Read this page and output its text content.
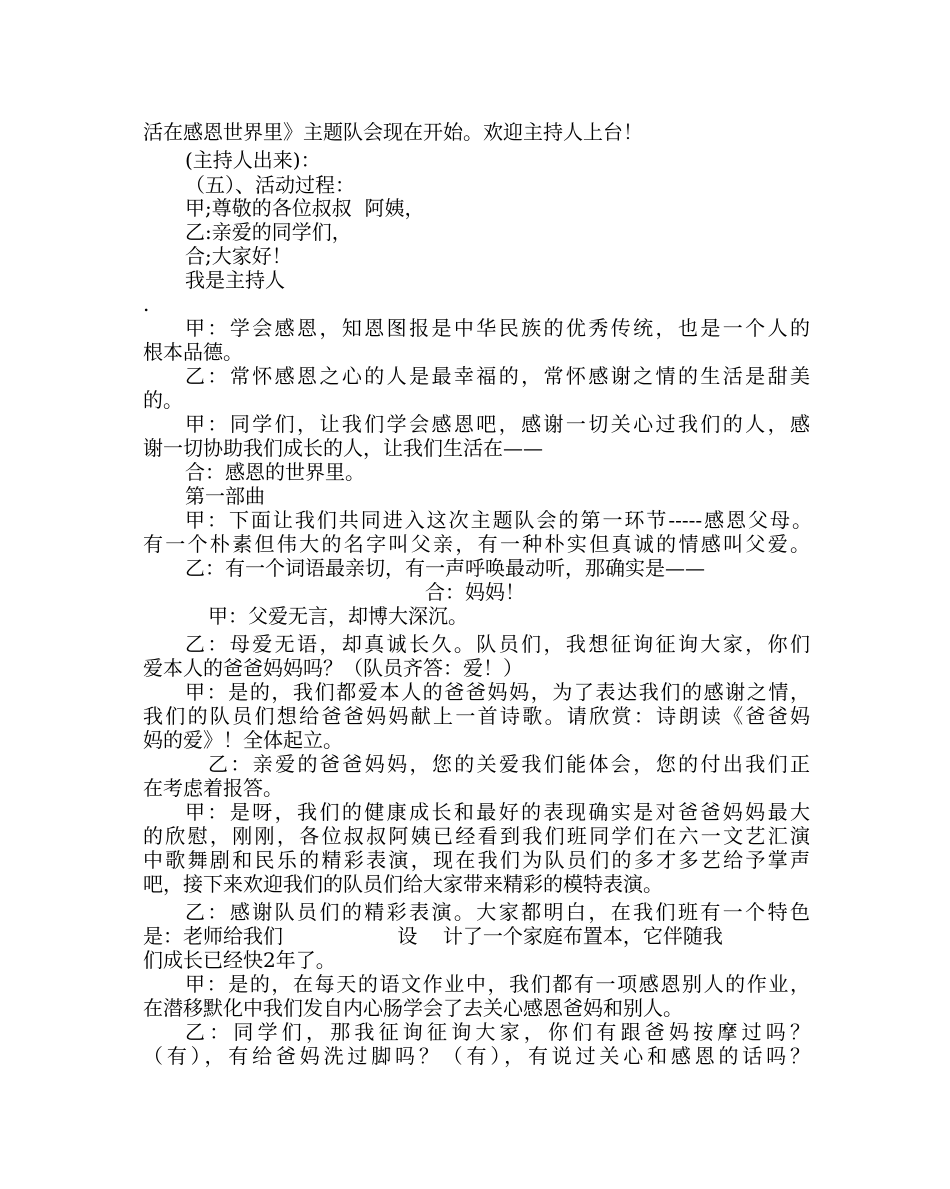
活在感恩世界里》主题队会现在开始。欢迎主持人上台！
(主持人出来)：
（五）、活动过程：
甲;尊敬的各位叔叔  阿姨，
乙:亲爱的同学们，
合;大家好！
我是主持人
.
甲：学会感恩，知恩图报是中华民族的优秀传统，也是一个人的
根本品德。
乙：常怀感恩之心的人是最幸福的，常怀感谢之情的生活是甜美
的。
甲：同学们，让我们学会感恩吧，感谢一切关心过我们的人，感
谢一切协助我们成长的人，让我们生活在——
合：感恩的世界里。
第一部曲
甲：下面让我们共同进入这次主题队会的第一环节-----感恩父母。
有一个朴素但伟大的名字叫父亲，有一种朴实但真诚的情感叫父爱。
乙：有一个词语最亲切，有一声呼唤最动听，那确实是——
合：妈妈！
甲：父爱无言，却博大深沉。
乙：母爱无语，却真诚长久。队员们，我想征询征询大家，你们
爱本人的爸爸妈妈吗？（队员齐答：爱！）
甲：是的，我们都爱本人的爸爸妈妈，为了表达我们的感谢之情，
我们的队员们想给爸爸妈妈献上一首诗歌。请欣赏：诗朗读《爸爸妈
妈的爱》！全体起立。
乙：亲爱的爸爸妈妈，您的关爱我们能体会，您的付出我们正
在考虑着报答。
甲：是呀，我们的健康成长和最好的表现确实是对爸爸妈妈最大
的欣慰，刚刚，各位叔叔阿姨已经看到我们班同学们在六一文艺汇演
中歌舞剧和民乐的精彩表演，现在我们为队员们的多才多艺给予掌声
吧，接下来欢迎我们的队员们给大家带来精彩的模特表演。
乙：感谢队员们的精彩表演。大家都明白，在我们班有一个特色
是：老师给我们                  设    计了一个家庭布置本，它伴随我
们成长已经快2年了。
甲：是的，在每天的语文作业中，我们都有一项感恩别人的作业，
在潜移默化中我们发自内心肠学会了去关心感恩爸妈和别人。
乙：同学们，那我征询征询大家，你们有跟爸妈按摩过吗？
（有），有给爸妈洗过脚吗？（有），有说过关心和感恩的话吗？
